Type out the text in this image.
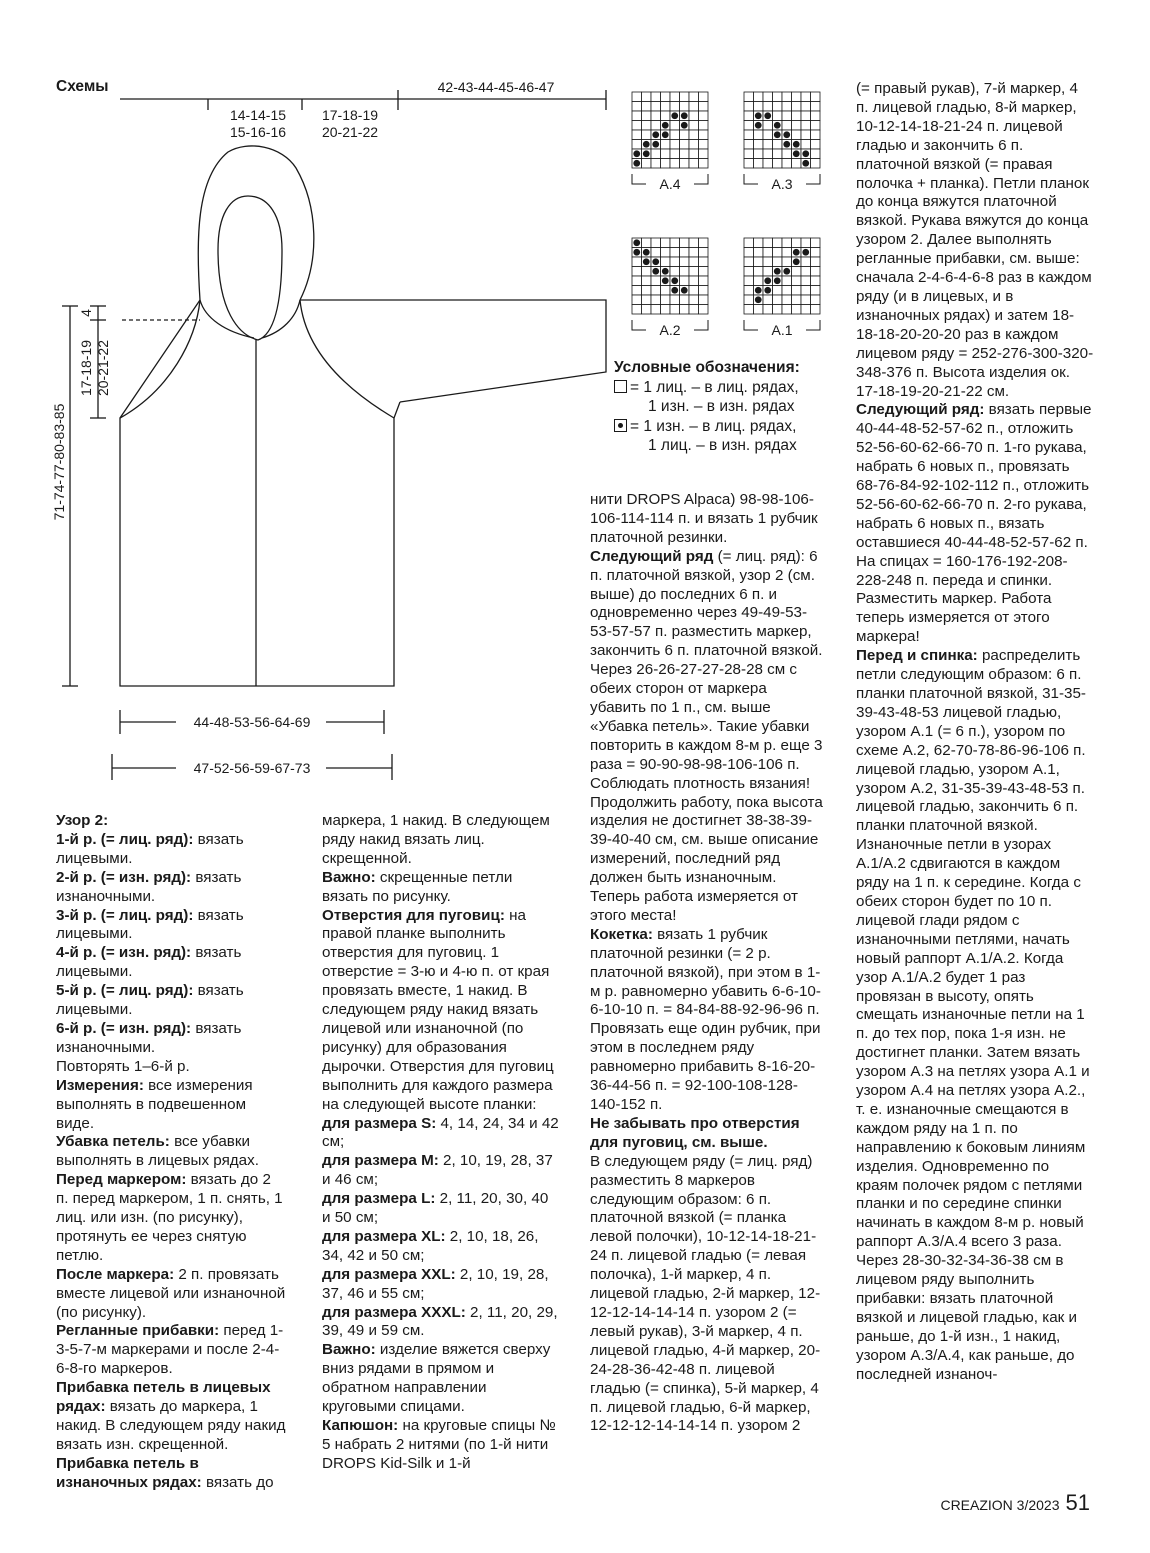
14-14-15
15-16-16
17-18-19
20-21-22
42-43-44-45-46-47
4
17-18-19 20-21-22
71-74-77-80-83-85
44-48-53-56-64-69
47-52-56-59-67-73
A.4	A.3
A.2	A.1
Схемы
Условные обозначения:
= 1 лиц. – в лиц. рядах,
1 изн. – в изн. рядах
= 1 изн. – в лиц. рядах,
1 лиц. – в изн. рядах

Узор 2:

1-й р. (= лиц. ряд): вязать лицевыми.

2-й р. (= изн. ряд): вязать изнаночными.

3-й р. (= лиц. ряд): вязать лицевыми.

4-й р. (= изн. ряд): вязать лицевыми.

5-й р. (= лиц. ряд): вязать лицевыми.

6-й р. (= изн. ряд): вязать изнаночными.

Повторять 1–6-й р.

Измерения: все измерения выполнять в подвешенном виде.

Убавка петель: все убавки выполнять в лицевых рядах.

Перед маркером: вязать до 2 п. перед маркером, 1 п. снять, 1 лиц. или изн. (по рисунку), протянуть ее через снятую петлю.

После маркера: 2 п. провязать вместе лицевой или изнаночной (по рисунку).

Регланные прибавки: перед 1-3-5-7-м маркерами и после 2-4-6-8-го маркеров.

Прибавка петель в лицевых рядах: вязать до маркера, 1 накид. В следующем ряду накид вязать изн. скрещенной.

Прибавка петель в изнаночных рядах: вязать до

маркера, 1 накид. В следующем ряду накид вязать лиц. скрещенной.

Важно: скрещенные петли вязать по рисунку.

Отверстия для пуговиц: на правой планке выполнить отверстия для пуговиц. 1 отверстие = 3-ю и 4-ю п. от края провязать вместе, 1 накид. В следующем ряду накид вязать лицевой или изнаночной (по рисунку) для образования дырочки. Отверстия для пуговиц выполнить для каждого размера на следующей высоте планки:

для размера S: 4, 14, 24, 34 и 42 см;

для размера M: 2, 10, 19, 28, 37 и 46 см;

для размера L: 2, 11, 20, 30, 40 и 50 см;

для размера XL: 2, 10, 18, 26, 34, 42 и 50 см;

для размера XXL: 2, 10, 19, 28, 37, 46 и 55 см;

для размера XXXL: 2, 11, 20, 29, 39, 49 и 59 см.

Важно: изделие вяжется сверху вниз рядами в прямом и обратном направлении круговыми спицами.

Капюшон: на круговые спицы № 5 набрать 2 нитями (по 1-й нити DROPS Kid-Silk и 1-й

нити DROPS Alpaca) 98-98-106-106-114-114 п. и вязать 1 рубчик платочной резинки.

Следующий ряд (= лиц. ряд): 6 п. платочной вязкой, узор 2 (см. выше) до последних 6 п. и одновременно через 49-49-53-53-57-57 п. разместить маркер, закончить 6 п. платочной вязкой. Через 26-26-27-27-28-28 см с обеих сторон от маркера убавить по 1 п., см. выше «Убавка петель». Такие убавки повторить в каждом 8-м р. еще 3 раза = 90-90-98-98-106-106 п. Соблюдать плотность вязания!

Продолжить работу, пока высота изделия не достигнет 38-38-39-39-40-40 см, см. выше описание измерений, последний ряд должен быть изнаночным. Теперь работа измеряется от этого места!

Кокетка: вязать 1 рубчик платочной резинки (= 2 р. платочной вязкой), при этом в 1-м р. равномерно убавить 6-6-10-6-10-10 п. = 84-84-88-92-96-96 п. Провязать еще один рубчик, при этом в последнем ряду равномерно прибавить 8-16-20-36-44-56 п. = 92-100-108-128-140-152 п.

Не забывать про отверстия для пуговиц, см. выше.

В следующем ряду (= лиц. ряд) разместить 8 маркеров следующим образом: 6 п. платочной вязкой (= планка левой полочки), 10-12-14-18-21-24 п. лицевой гладью (= левая полочка), 1-й маркер, 4 п. лицевой гладью, 2-й маркер, 12-12-12-14-14-14 п. узором 2 (= левый рукав), 3-й маркер, 4 п. лицевой гладью, 4-й маркер, 20-24-28-36-42-48 п. лицевой гладью (= спинка), 5-й маркер, 4 п. лицевой гладью, 6-й маркер, 12-12-12-14-14-14 п. узором 2

(= правый рукав), 7-й маркер, 4 п. лицевой гладью, 8-й маркер, 10-12-14-18-21-24 п. лицевой гладью и закончить 6 п. платочной вязкой (= правая полочка + планка). Петли планок до конца вяжутся платочной вязкой. Рукава вяжутся до конца узором 2. Далее выполнять регланные прибавки, см. выше: сначала 2-4-6-4-6-8 раз в каждом ряду (и в лицевых, и в изнаночных рядах) и затем 18-18-18-20-20-20 раз в каждом лицевом ряду = 252-276-300-320-348-376 п. Высота изделия ок. 17-18-19-20-21-22 см.

Следующий ряд: вязать первые 40-44-48-52-57-62 п., отложить 52-56-60-62-66-70 п. 1-го рукава, набрать 6 новых п., провязать 68-76-84-92-102-112 п., отложить 52-56-60-62-66-70 п. 2-го рукава, набрать 6 новых п., вязать оставшиеся 40-44-48-52-57-62 п. На спицах = 160-176-192-208-228-248 п. переда и спинки.

Разместить маркер. Работа теперь измеряется от этого маркера!

Перед и спинка: распределить петли следующим образом: 6 п. планки платочной вязкой, 31-35-39-43-48-53 лицевой гладью, узором A.1 (= 6 п.), узором по схеме A.2, 62-70-78-86-96-106 п. лицевой гладью, узором A.1, узором A.2, 31-35-39-43-48-53 п. лицевой гладью, закончить 6 п. планки платочной вязкой. Изнаночные петли в узорах A.1/A.2 сдвигаются в каждом ряду на 1 п. к середине. Когда с обеих сторон будет по 10 п. лицевой глади рядом с изнаночными петлями, начать новый раппорт A.1/A.2. Когда узор A.1/A.2 будет 1 раз провязан в высоту, опять смещать изнаночные петли на 1 п. до тех пор, пока 1-я изн. не достигнет планки. Затем вязать узором A.3 на петлях узора A.1 и узором A.4 на петлях узора A.2., т. е. изнаночные смещаются в каждом ряду на 1 п. по направлению к боковым линиям изделия. Одновременно по краям полочек рядом с петлями планки и по середине спинки начинать в каждом 8-м р. новый раппорт A.3/A.4 всего 3 раза.

Через 28-30-32-34-36-38 см в лицевом ряду выполнить прибавки: вязать платочной вязкой и лицевой гладью, как и раньше, до 1-й изн., 1 накид, узором A.3/A.4, как раньше, до последней изнаноч-

CREAZION 3/2023 51
